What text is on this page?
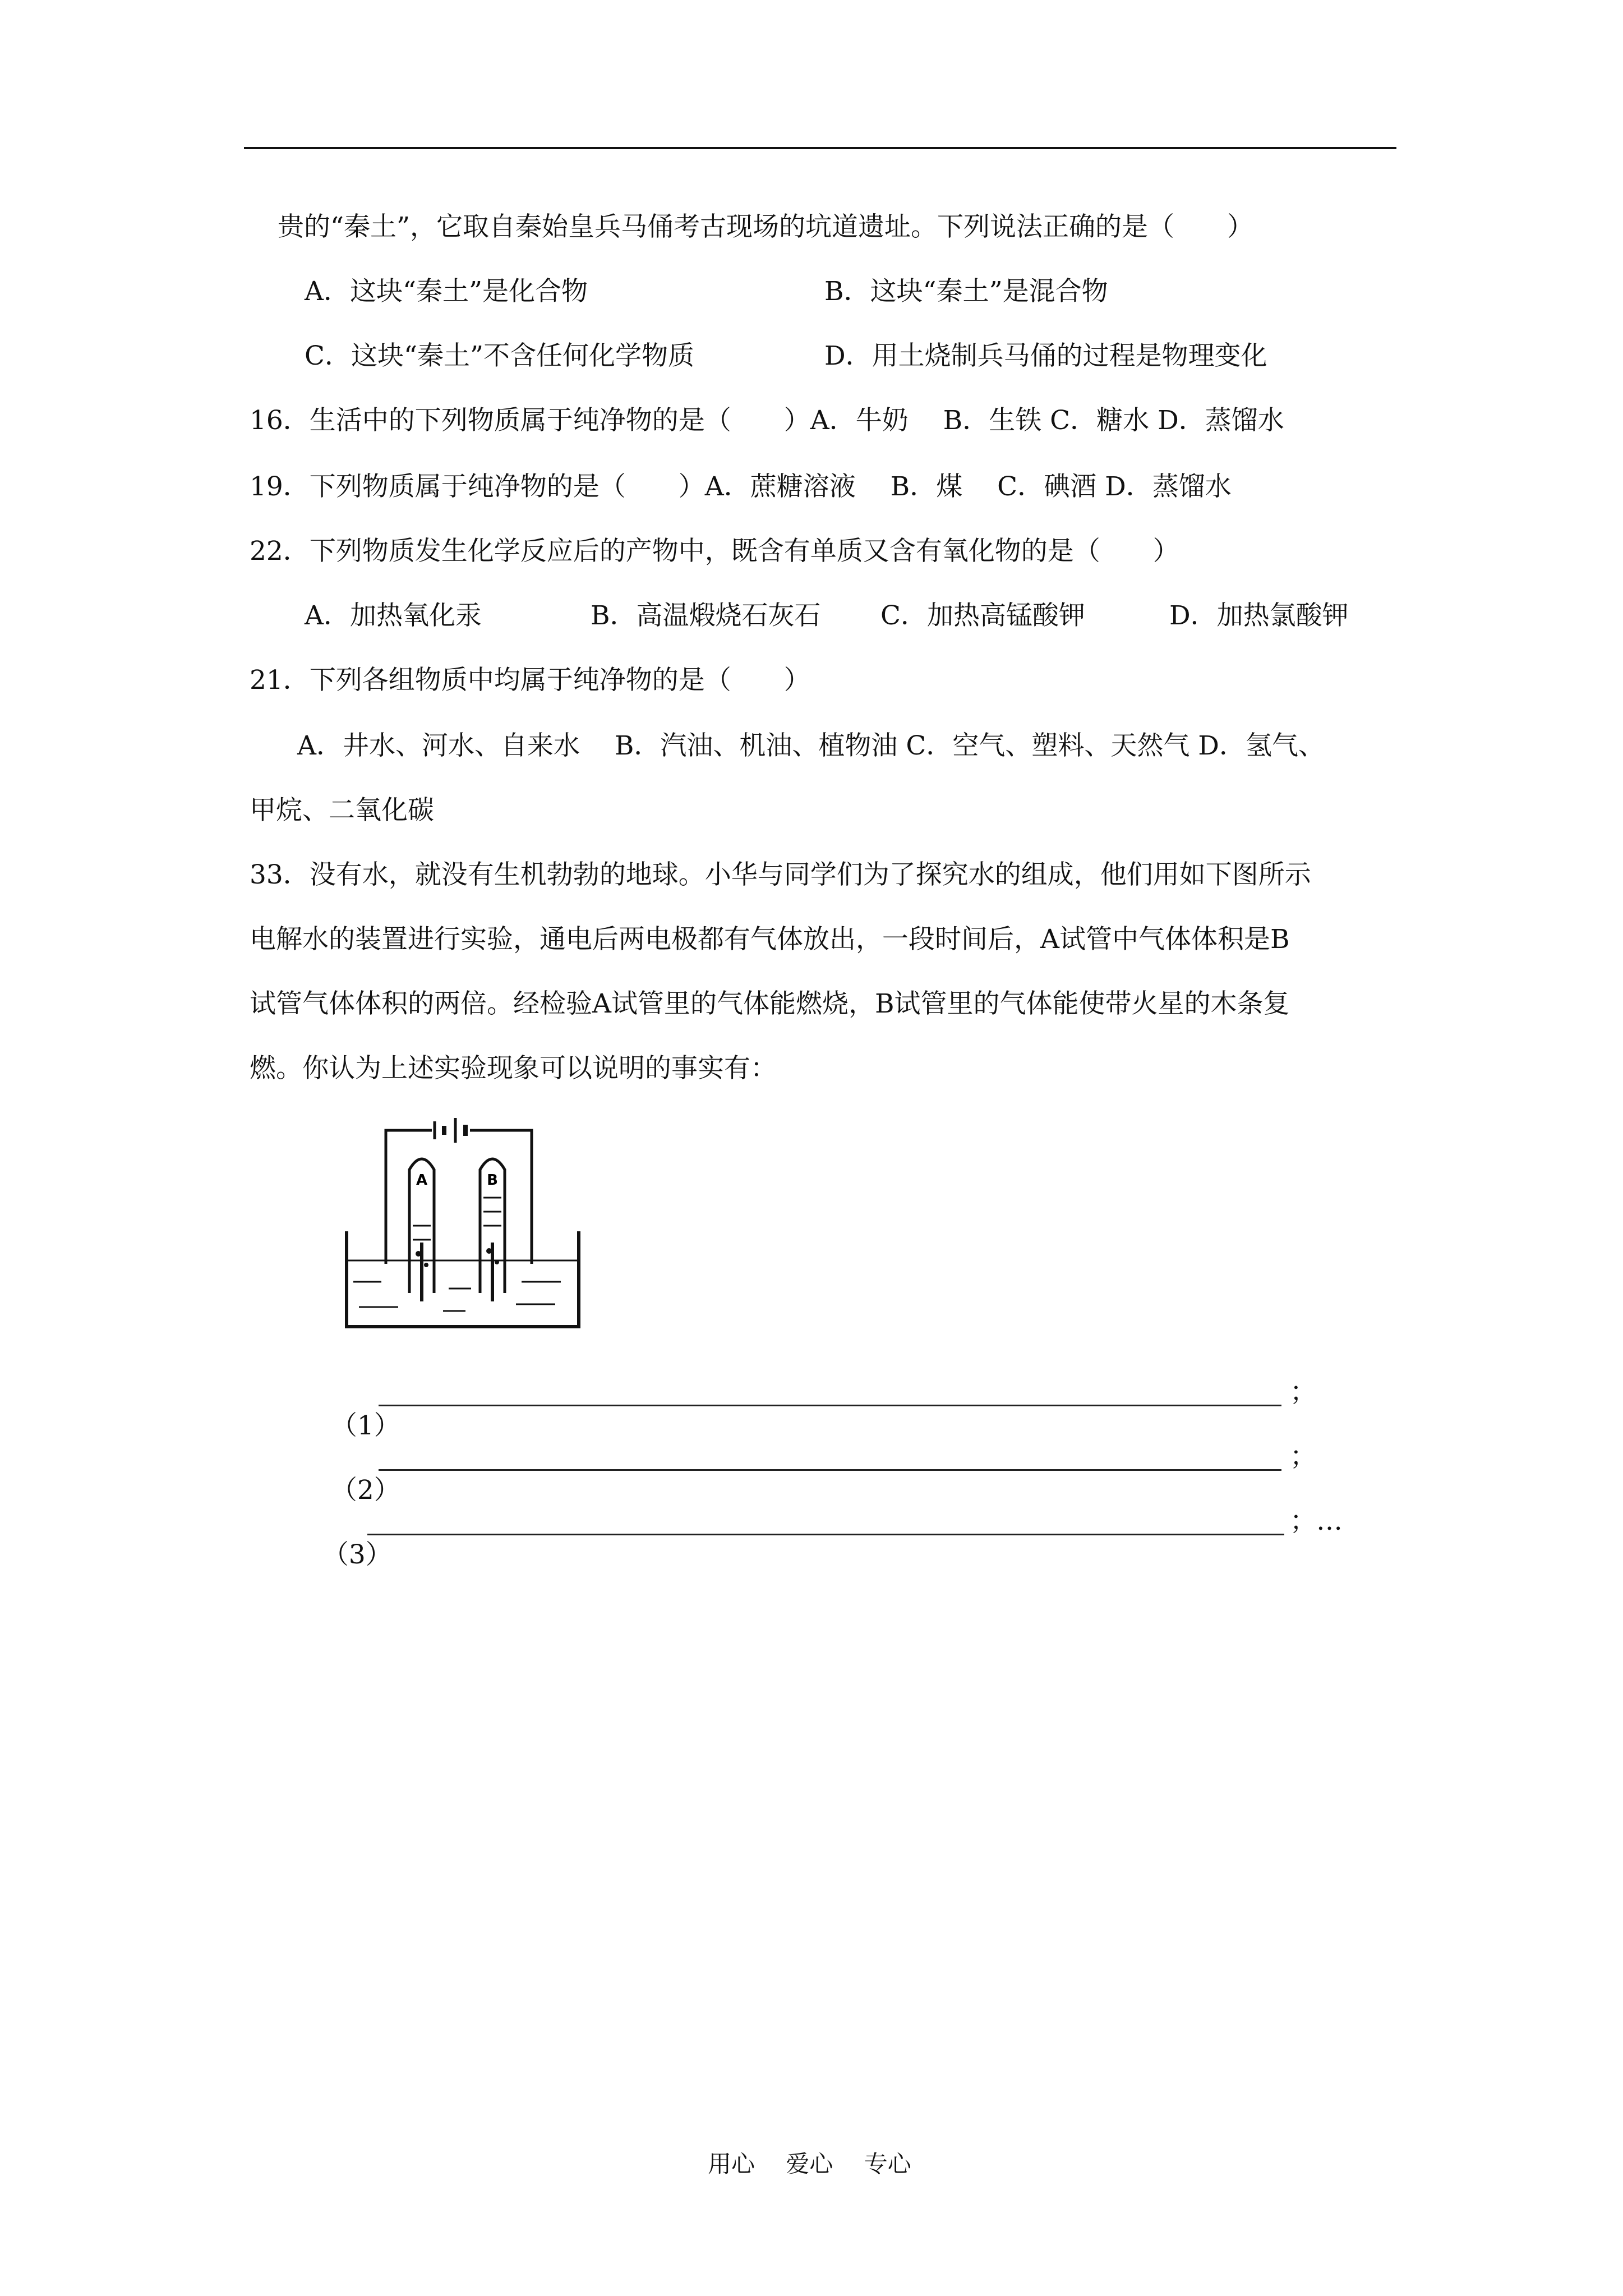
贵的“秦土”，它取自秦始皇兵马俑考古现场的坑道遗址。下列说法正确的是（　　）
A．这块“秦土”是化合物	B．这块“秦土”是混合物
C．这块“秦土”不含任何化学物质	D．用土烧制兵马俑的过程是物理变化
16．生活中的下列物质属于纯净物的是（　　）A．牛奶　 B．生铁 C．糖水 D．蒸馏水
19．下列物质属于纯净物的是（　　）A．蔗糖溶液　 B．煤　 C．碘酒 D．蒸馏水
22．下列物质发生化学反应后的产物中，既含有单质又含有氧化物的是（　　）
A．加热氧化汞	B．高温煅烧石灰石 C．加热高锰酸钾	D．加热氯酸钾
21．下列各组物质中均属于纯净物的是（　　）
A．井水、河水、自来水　 B．汽油、机油、植物油 C．空气、塑料、天然气 D．氢气、
甲烷、二氧化碳
33．没有水，就没有生机勃勃的地球。小华与同学们为了探究水的组成，他们用如下图所示
电解水的装置进行实验，通电后两电极都有气体放出，一段时间后，A试管中气体体积是B
试管气体体积的两倍。经检验A试管里的气体能燃烧，B试管里的气体能使带火星的木条复
燃。你认为上述实验现象可以说明的事实有：
A	B

（1）

；

（2）

；

（3）

；…

用心　 爱心　 专心
